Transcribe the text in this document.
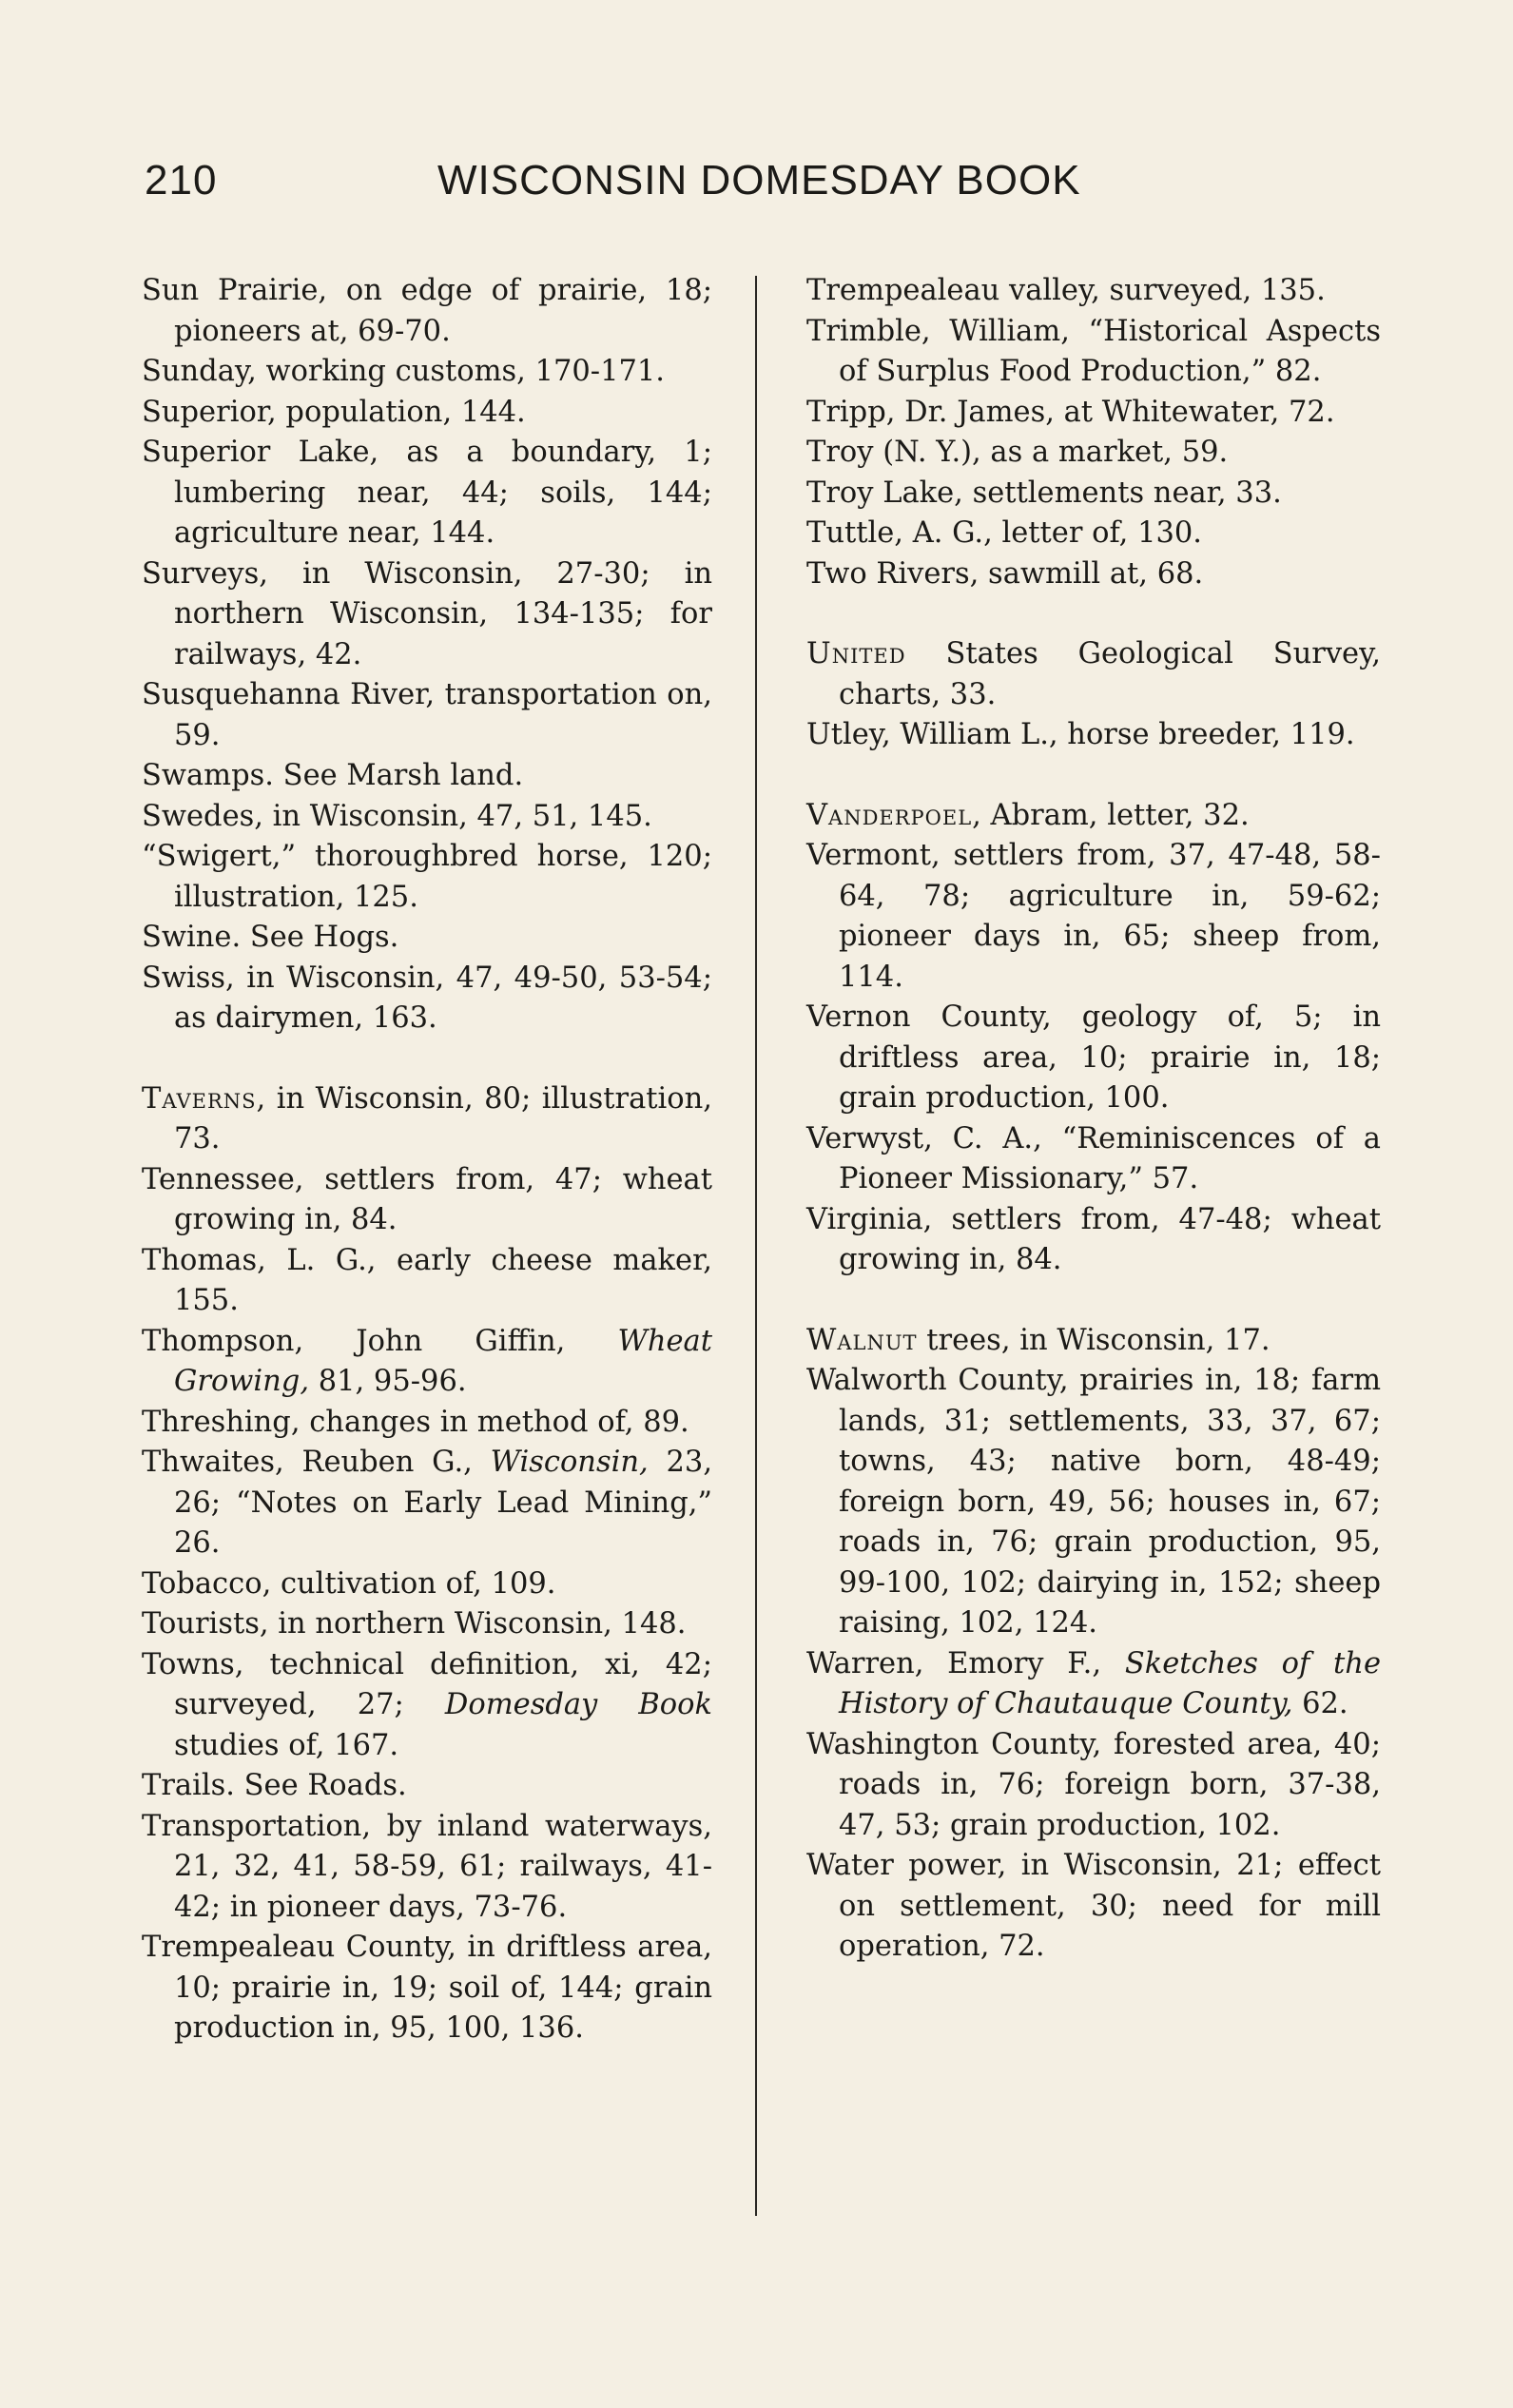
210	WISCONSIN DOMESDAY BOOK

Sun Prairie, on edge of prairie, 18; pioneers at, 69-70.

Sunday, working customs, 170-171.

Superior, population, 144.

Superior Lake, as a boundary, 1; lumbering near, 44; soils, 144; agriculture near, 144.

Surveys, in Wisconsin, 27-30; in northern Wisconsin, 134-135; for railways, 42.

Susquehanna River, transportation on, 59.

Swamps. See Marsh land.

Swedes, in Wisconsin, 47, 51, 145.

“Swigert,” thoroughbred horse, 120; illustration, 125.

Swine. See Hogs.

Swiss, in Wisconsin, 47, 49-50, 53-54; as dairymen, 163.

Taverns, in Wisconsin, 80; illustration, 73.

Tennessee, settlers from, 47; wheat growing in, 84.

Thomas, L. G., early cheese maker, 155.

Thompson, John Giffin, Wheat Growing, 81, 95-96.

Threshing, changes in method of, 89.

Thwaites, Reuben G., Wisconsin, 23, 26; “Notes on Early Lead Mining,” 26.

Tobacco, cultivation of, 109.

Tourists, in northern Wisconsin, 148.

Towns, technical definition, xi, 42; surveyed, 27; Domesday Book studies of, 167.

Trails. See Roads.

Transportation, by inland waterways, 21, 32, 41, 58-59, 61; railways, 41-42; in pioneer days, 73-76.

Trempealeau County, in driftless area, 10; prairie in, 19; soil of, 144; grain production in, 95, 100, 136.

Trempealeau valley, surveyed, 135.

Trimble, William, “Historical Aspects of Surplus Food Production,” 82.

Tripp, Dr. James, at Whitewater, 72.

Troy (N. Y.), as a market, 59.

Troy Lake, settlements near, 33.

Tuttle, A. G., letter of, 130.

Two Rivers, sawmill at, 68.

United States Geological Survey, charts, 33.

Utley, William L., horse breeder, 119.

Vanderpoel, Abram, letter, 32.

Vermont, settlers from, 37, 47-48, 58-64, 78; agriculture in, 59-62; pioneer days in, 65; sheep from, 114.

Vernon County, geology of, 5; in driftless area, 10; prairie in, 18; grain production, 100.

Verwyst, C. A., “Reminiscences of a Pioneer Missionary,” 57.

Virginia, settlers from, 47-48; wheat growing in, 84.

Walnut trees, in Wisconsin, 17.

Walworth County, prairies in, 18; farm lands, 31; settlements, 33, 37, 67; towns, 43; native born, 48-49; foreign born, 49, 56; houses in, 67; roads in, 76; grain production, 95, 99-100, 102; dairying in, 152; sheep raising, 102, 124.

Warren, Emory F., Sketches of the History of Chautauque County, 62.

Washington County, forested area, 40; roads in, 76; foreign born, 37-38, 47, 53; grain production, 102.

Water power, in Wisconsin, 21; effect on settlement, 30; need for mill operation, 72.
